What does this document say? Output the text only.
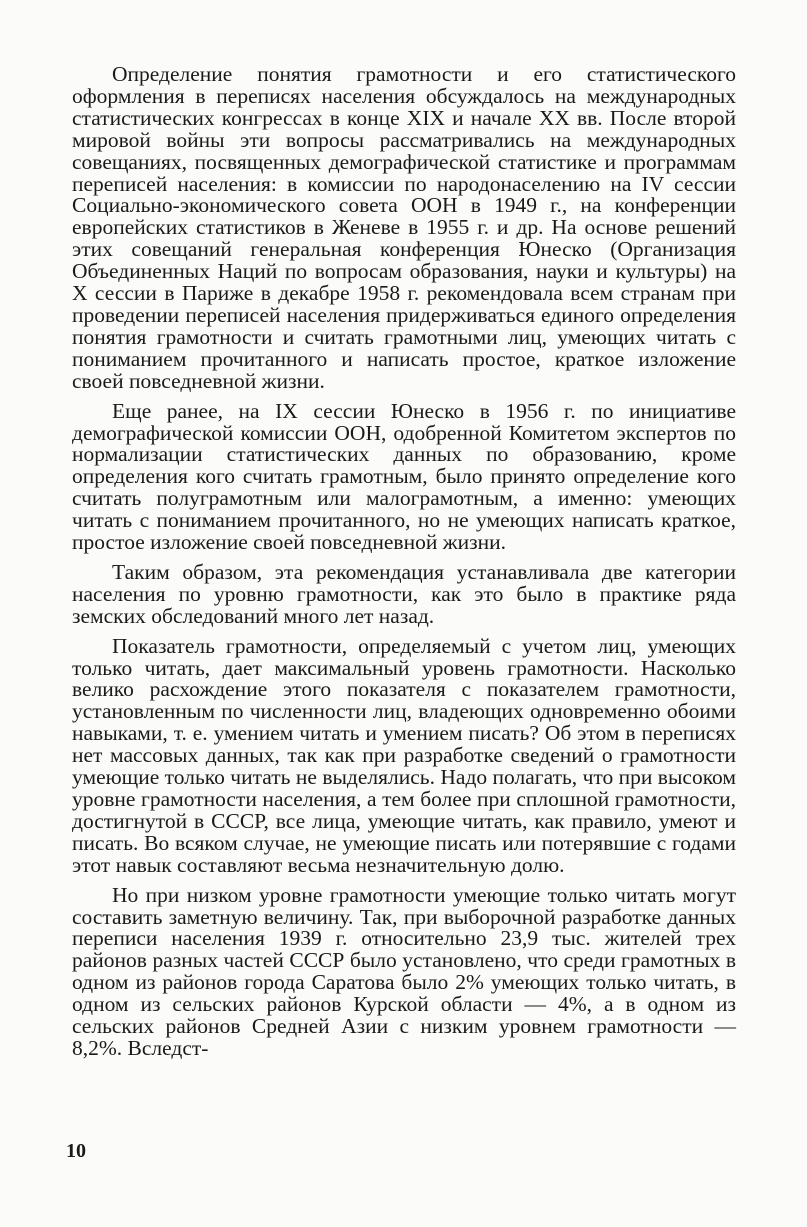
Определение понятия грамотности и его статистического оформления в переписях населения обсуждалось на международных статистических конгрессах в конце XIX и начале XX вв. После второй мировой войны эти вопросы рассматривались на международных совещаниях, посвященных демографической статистике и программам переписей населения: в комиссии по народонаселению на IV сессии Социально-экономического совета ООН в 1949 г., на конференции европейских статистиков в Женеве в 1955 г. и др. На основе решений этих совещаний генеральная конференция Юнеско (Организация Объединенных Наций по вопросам образования, науки и культуры) на X сессии в Париже в декабре 1958 г. рекомендовала всем странам при проведении переписей населения придерживаться единого определения понятия грамотности и считать грамотными лиц, умеющих читать с пониманием прочитанного и написать простое, краткое изложение своей повседневной жизни.

Еще ранее, на IX сессии Юнеско в 1956 г. по инициативе демографической комиссии ООН, одобренной Комитетом экспертов по нормализации статистических данных по образованию, кроме определения кого считать грамотным, было принято определение кого считать полуграмотным или малограмотным, а именно: умеющих читать с пониманием прочитанного, но не умеющих написать краткое, простое изложение своей повседневной жизни.

Таким образом, эта рекомендация устанавливала две категории населения по уровню грамотности, как это было в практике ряда земских обследований много лет назад.

Показатель грамотности, определяемый с учетом лиц, умеющих только читать, дает максимальный уровень грамотности. Насколько велико расхождение этого показателя с показателем грамотности, установленным по численности лиц, владеющих одновременно обоими навыками, т. е. умением читать и умением писать? Об этом в переписях нет массовых данных, так как при разработке сведений о грамотности умеющие только читать не выделялись. Надо полагать, что при высоком уровне грамотности населения, а тем более при сплошной грамотности, достигнутой в СССР, все лица, умеющие читать, как правило, умеют и писать. Во всяком случае, не умеющие писать или потерявшие с годами этот навык составляют весьма незначительную долю.

Но при низком уровне грамотности умеющие только читать могут составить заметную величину. Так, при выборочной разработке данных переписи населения 1939 г. относительно 23,9 тыс. жителей трех районов разных частей СССР было установлено, что среди грамотных в одном из районов города Саратова было 2% умеющих только читать, в одном из сельских районов Курской области — 4%, а в одном из сельских районов Средней Азии с низким уровнем грамотности — 8,2%. Вследст-

10
